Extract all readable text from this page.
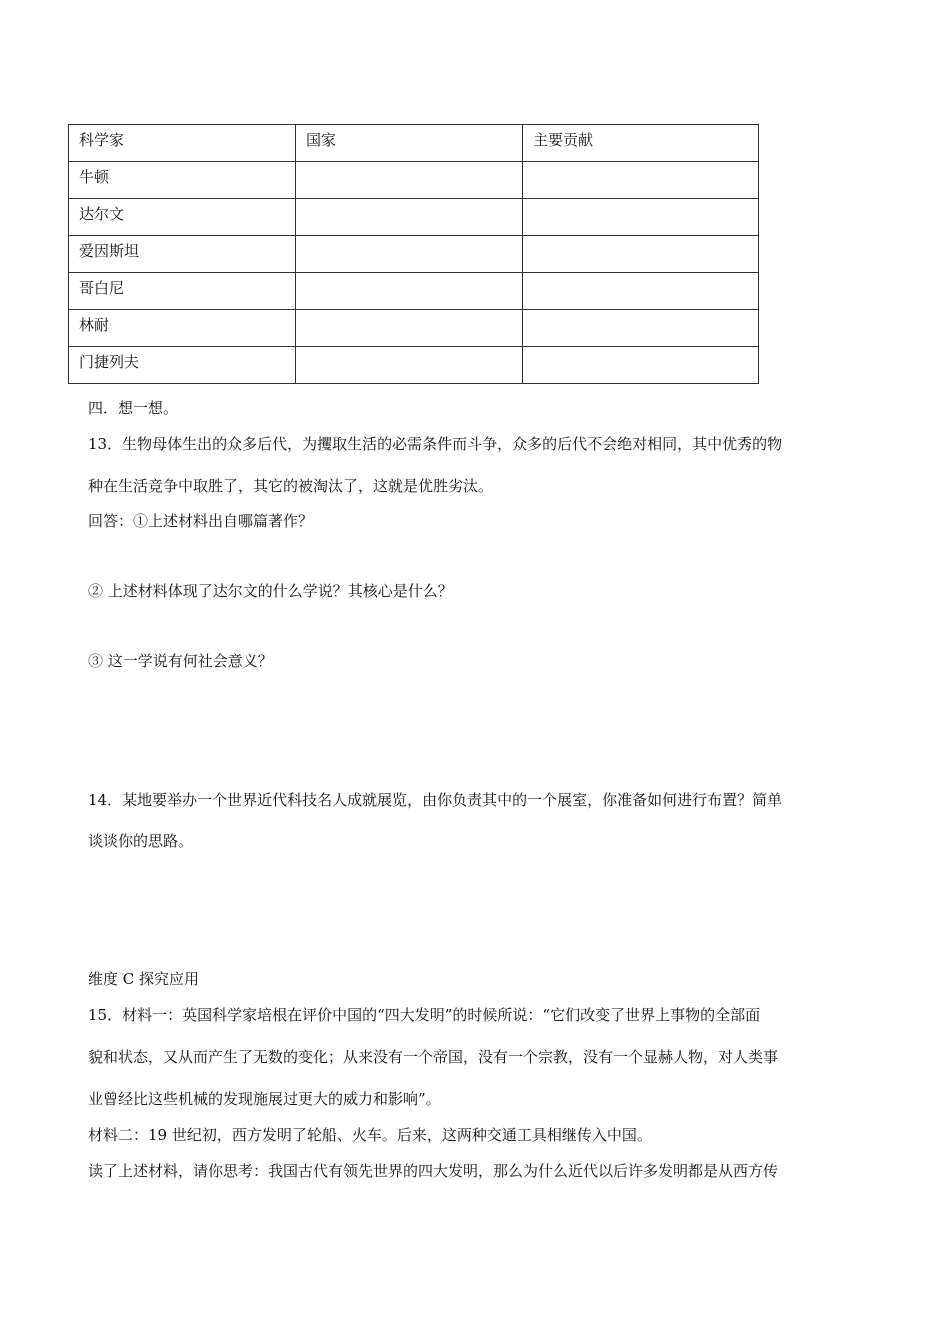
科学家	国家	主要贡献
牛顿		
达尔文		
爱因斯坦		
哥白尼		
林耐		
门捷列夫		
四．想一想。
13．生物母体生出的众多后代，为攫取生活的必需条件而斗争，众多的后代不会绝对相同，其中优秀的物
种在生活竞争中取胜了，其它的被淘汰了，这就是优胜劣汰。
回答：①上述材料出自哪篇著作？
② 上述材料体现了达尔文的什么学说？其核心是什么？
③ 这一学说有何社会意义？
14．某地要举办一个世界近代科技名人成就展览，由你负责其中的一个展室，你准备如何进行布置？简单
谈谈你的思路。
维度 C 探究应用
15．材料一：英国科学家培根在评价中国的“四大发明”的时候所说：“它们改变了世界上事物的全部面
貌和状态，又从而产生了无数的变化；从来没有一个帝国，没有一个宗教，没有一个显赫人物，对人类事
业曾经比这些机械的发现施展过更大的威力和影响”。
材料二：19 世纪初，西方发明了轮船、火车。后来，这两种交通工具相继传入中国。
读了上述材料，请你思考：我国古代有领先世界的四大发明，那么为什么近代以后许多发明都是从西方传
